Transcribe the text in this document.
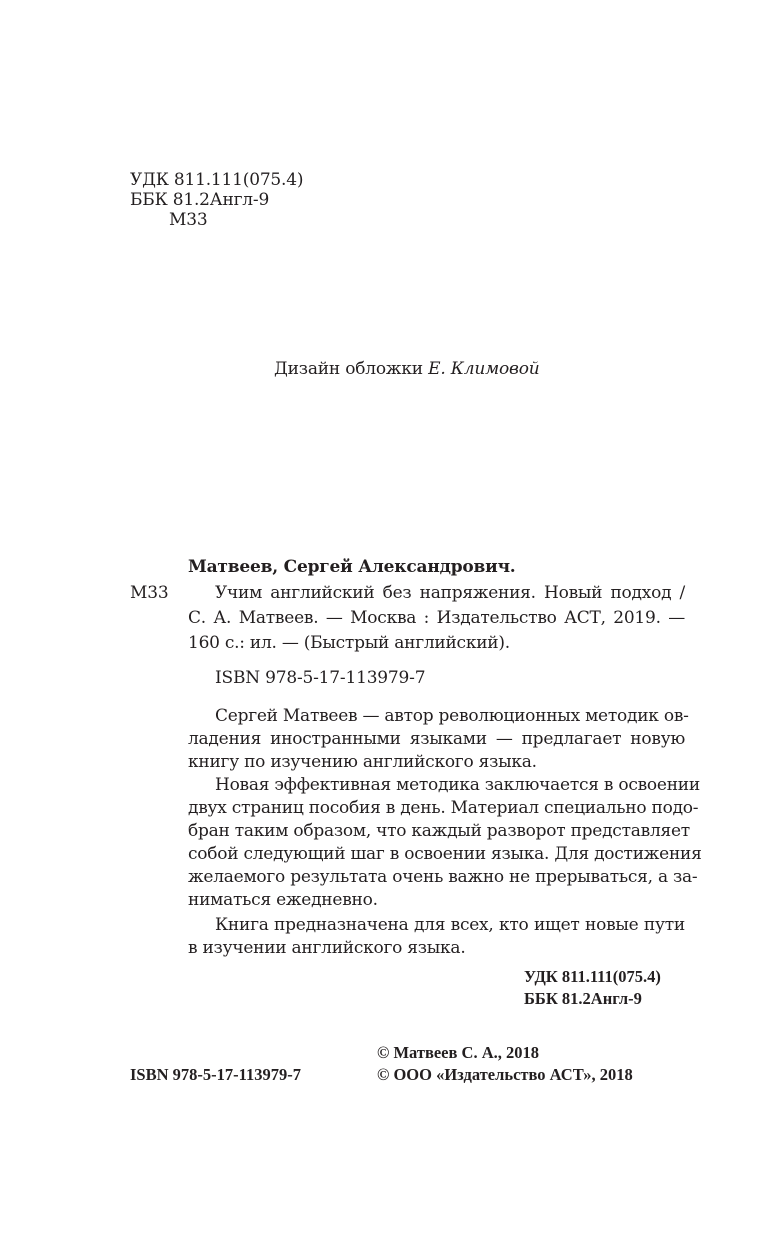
УДК 811.111(075.4)
ББК 81.2Англ-9
М33
Дизайн обложки Е. Климовой
Матвеев, Сергей Александрович.
М33	Учим английский без напряжения. Новый подход /
С. А. Матвеев. — Москва : Издательство АСТ, 2019. —
160 с.: ил. — (Быстрый английский).
ISBN 978-5-17-113979-7
Сергей Матвеев — автор революционных методик ов-
ладения иностранными языками — предлагает новую
книгу по изучению английского языка.
Новая эффективная методика заключается в освоении
двух страниц пособия в день. Материал специально подо-
бран таким образом, что каждый разворот представляет
собой следующий шаг в освоении языка. Для достижения
желаемого результата очень важно не прерываться, а за-
ниматься ежедневно.
Книга предназначена для всех, кто ищет новые пути
в изучении английского языка.
УДК 811.111(075.4)
ББК 81.2Англ-9
ISBN 978-5-17-113979-7
© Матвеев С. А., 2018
© ООО «Издательство АСТ», 2018
